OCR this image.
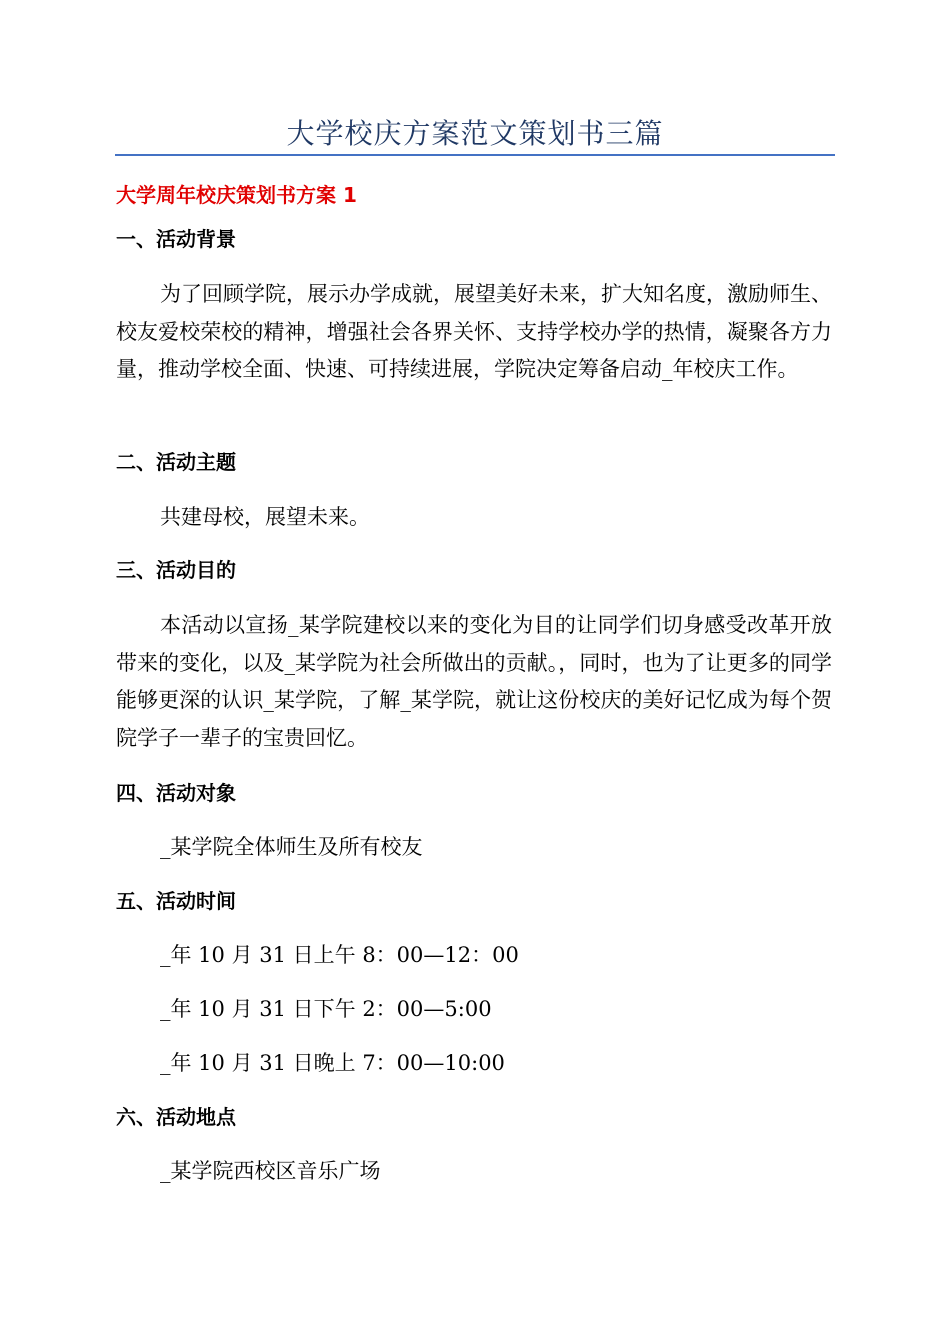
大学校庆方案范文策划书三篇
大学周年校庆策划书方案 1
一、活动背景
为了回顾学院，展示办学成就，展望美好未来，扩大知名度，激励师生、校友爱校荣校的精神，增强社会各界关怀、支持学校办学的热情，凝聚各方力量，推动学校全面、快速、可持续进展，学院决定筹备启动_年校庆工作。
二、活动主题
共建母校，展望未来。
三、活动目的
本活动以宣扬_某学院建校以来的变化为目的让同学们切身感受改革开放带来的变化，以及_某学院为社会所做出的贡献。，同时，也为了让更多的同学能够更深的认识_某学院，了解_某学院，就让这份校庆的美好记忆成为每个贺院学子一辈子的宝贵回忆。
四、活动对象
_某学院全体师生及所有校友
五、活动时间
_年 10 月 31 日上午 8：00—12：00
_年 10 月 31 日下午 2：00—5:00
_年 10 月 31 日晚上 7：00—10:00
六、活动地点
_某学院西校区音乐广场
